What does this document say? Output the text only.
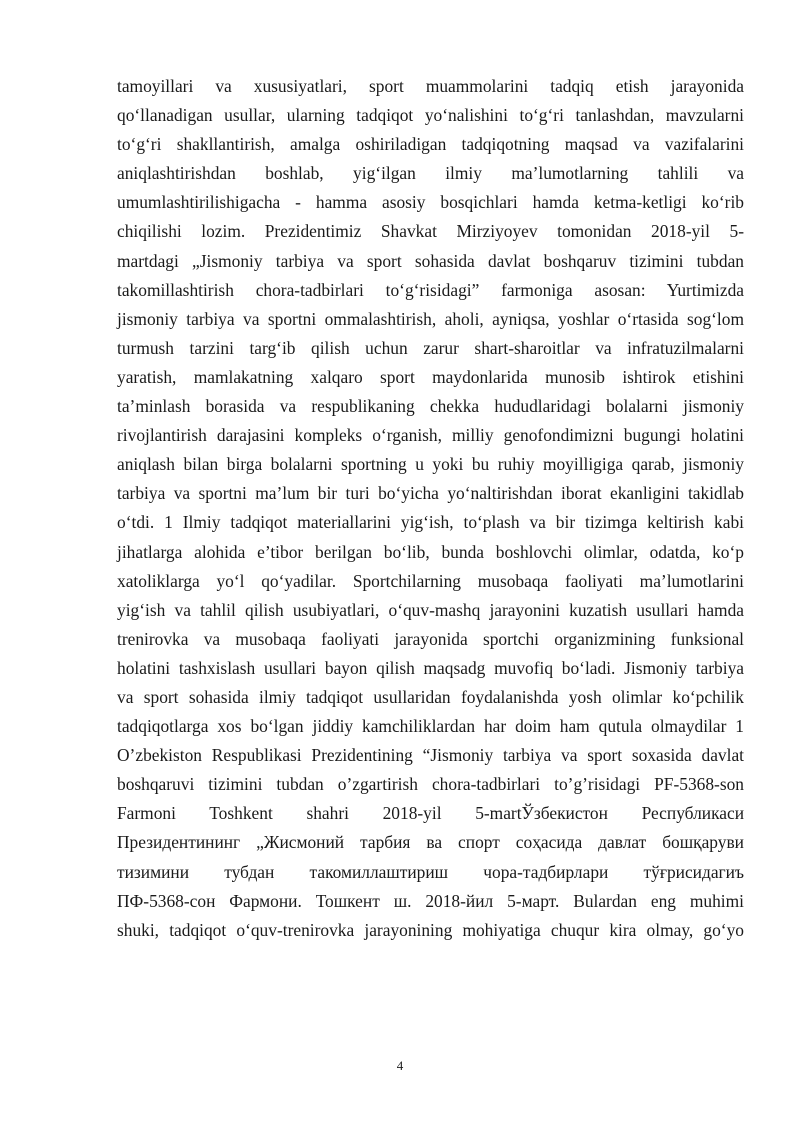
tamoyillari va xususiyatlari, sport muammolarini tadqiq etish jarayonida
qo‘llanadigan usullar, ularning tadqiqot yo‘nalishini to‘g‘ri tanlashdan, mavzularni
to‘g‘ri shakllantirish, amalga oshiriladigan tadqiqotning maqsad va vazifalarini
aniqlashtirishdan boshlab, yig‘ilgan ilmiy ma’lumotlarning tahlili va
umumlashtirilishigacha - hamma asosiy bosqichlari hamda ketma-ketligi ko‘rib
chiqilishi lozim. Prezidentimiz Shavkat Mirziyoyev tomonidan 2018-yil 5-
martdagi „Jismoniy tarbiya va sport sohasida davlat boshqaruv tizimini tubdan
takomillashtirish chora-tadbirlari to‘g‘risidagi” farmoniga asosan: Yurtimizda
jismoniy tarbiya va sportni ommalashtirish, aholi, ayniqsa, yoshlar o‘rtasida sog‘lom
turmush tarzini targ‘ib qilish uchun zarur shart-sharoitlar va infratuzilmalarni
yaratish, mamlakatning xalqaro sport maydonlarida munosib ishtirok etishini
ta’minlash borasida va respublikaning chekka hududlaridagi bolalarni jismoniy
rivojlantirish darajasini kompleks o‘rganish, milliy genofondimizni bugungi holatini
aniqlash bilan birga bolalarni sportning u yoki bu ruhiy moyilligiga qarab, jismoniy
tarbiya va sportni ma’lum bir turi bo‘yicha yo‘naltirishdan iborat ekanligini takidlab
o‘tdi. 1 Ilmiy tadqiqot materiallarini yig‘ish, to‘plash va bir tizimga keltirish kabi
jihatlarga alohida e’tibor berilgan bo‘lib, bunda boshlovchi olimlar, odatda, ko‘p
xatoliklarga yo‘l qo‘yadilar. Sportchilarning musobaqa faoliyati ma’lumotlarini
yig‘ish va tahlil qilish usubiyatlari, o‘quv-mashq jarayonini kuzatish usullari hamda
trenirovka va musobaqa faoliyati jarayonida sportchi organizmining funksional
holatini tashxislash usullari bayon qilish maqsadg muvofiq bo‘ladi. Jismoniy tarbiya
va sport sohasida ilmiy tadqiqot usullaridan foydalanishda yosh olimlar ko‘pchilik
tadqiqotlarga xos bo‘lgan jiddiy kamchiliklardan har doim ham qutula olmaydilar 1
O’zbekiston Respublikasi Prezidentining “Jismoniy tarbiya va sport soxasida davlat
boshqaruvi tizimini tubdan o’zgartirish chora-tadbirlari to’g’risidagi PF-5368-son
Farmoni Toshkent shahri 2018-yil 5-martЎзбекистон Республикаси
Президентининг „Жисмоний тарбия ва спорт соҳасида давлат бошқаруви
тизимини тубдан такомиллаштириш чора-тадбирлари тўғрисидагиъ
ПФ-5368-сон Фармони. Тошкент ш. 2018-йил 5-март. Bulardan eng muhimi
shuki, tadqiqot o‘quv-trenirovka jarayonining mohiyatiga chuqur kira olmay, go‘yo
4
